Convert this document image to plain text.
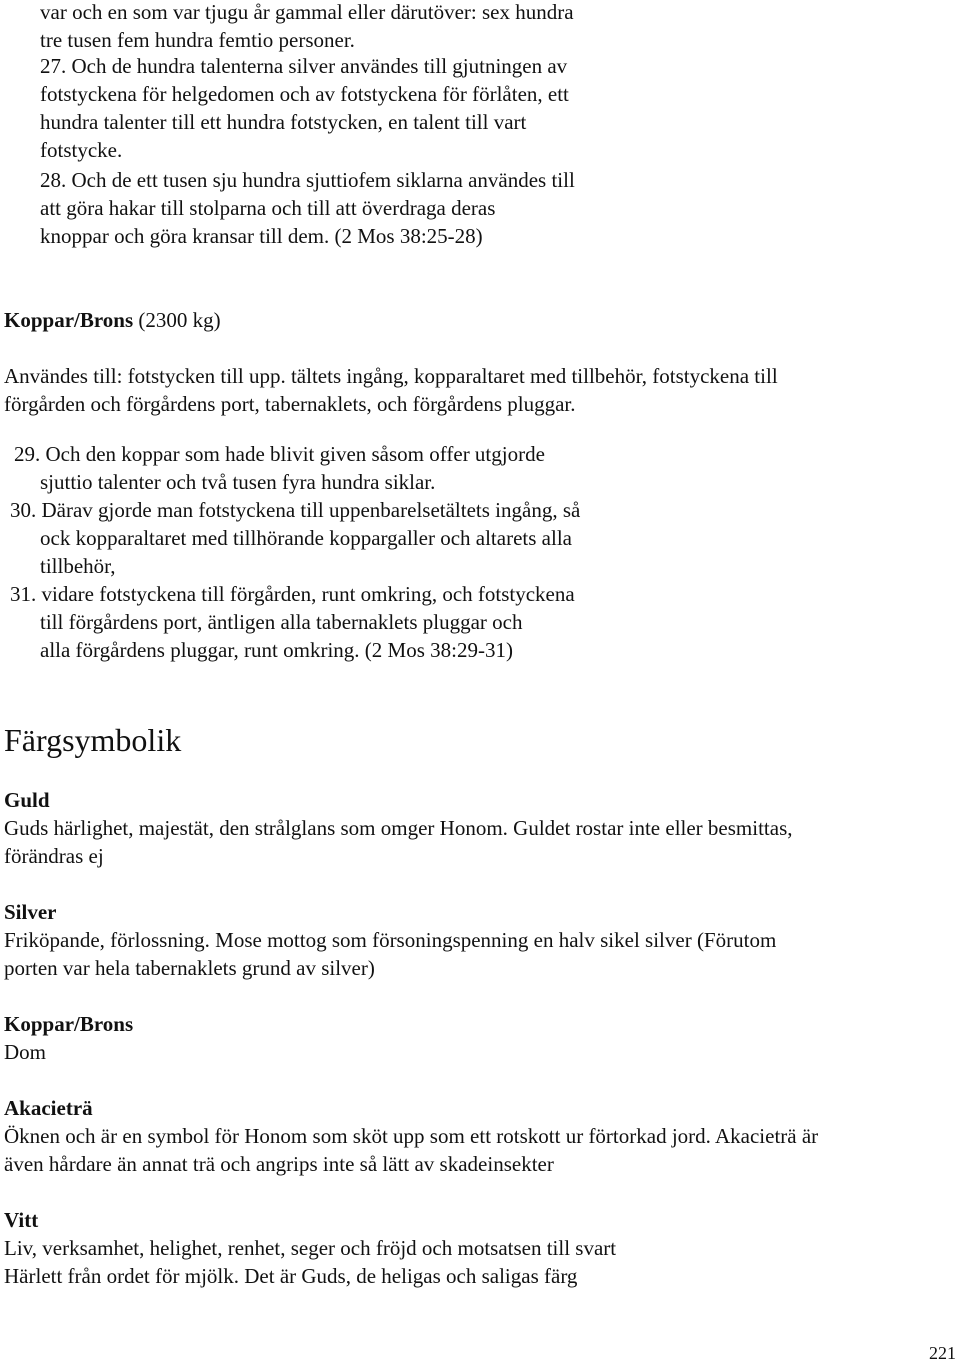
var och en som var tjugu år gammal eller därutöver: sex hundra
tre tusen fem hundra femtio personer.
27. Och de hundra talenterna silver användes till gjutningen av
fotstyckena för helgedomen och av fotstyckena för förlåten, ett
hundra talenter till ett hundra fotstycken, en talent till vart
fotstycke.
28. Och de ett tusen sju hundra sjuttiofem siklarna användes till
att göra hakar till stolparna och till att överdraga deras
knoppar och göra kransar till dem. (2 Mos 38:25-28)
Koppar/Brons (2300 kg)
Användes till: fotstycken till upp. tältets ingång, kopparaltaret med tillbehör, fotstyckena till
förgården och förgårdens port, tabernaklets, och förgårdens pluggar.
29. Och den koppar som hade blivit given såsom offer utgjorde
sjuttio talenter och två tusen fyra hundra siklar.
30. Därav gjorde man fotstyckena till uppenbarelsetältets ingång, så
ock kopparaltaret med tillhörande koppargaller och altarets alla
tillbehör,
31. vidare fotstyckena till förgården, runt omkring, och fotstyckena
till förgårdens port, äntligen alla tabernaklets pluggar och
alla förgårdens pluggar, runt omkring. (2 Mos 38:29-31)
Färgsymbolik
Guld
Guds härlighet, majestät, den strålglans som omger Honom. Guldet rostar inte eller besmittas,
förändras ej
Silver
Friköpande, förlossning. Mose mottog som försoningspenning en halv sikel silver (Förutom
porten var hela tabernaklets grund av silver)
Koppar/Brons
Dom
Akacieträ
Öknen och är en symbol för Honom som sköt upp som ett rotskott ur förtorkad jord. Akacieträ är
även hårdare än annat trä och angrips inte så lätt av skadeinsekter
Vitt
Liv, verksamhet, helighet, renhet, seger och fröjd och motsatsen till svart
Härlett från ordet för mjölk. Det är Guds, de heligas och saligas färg
221
